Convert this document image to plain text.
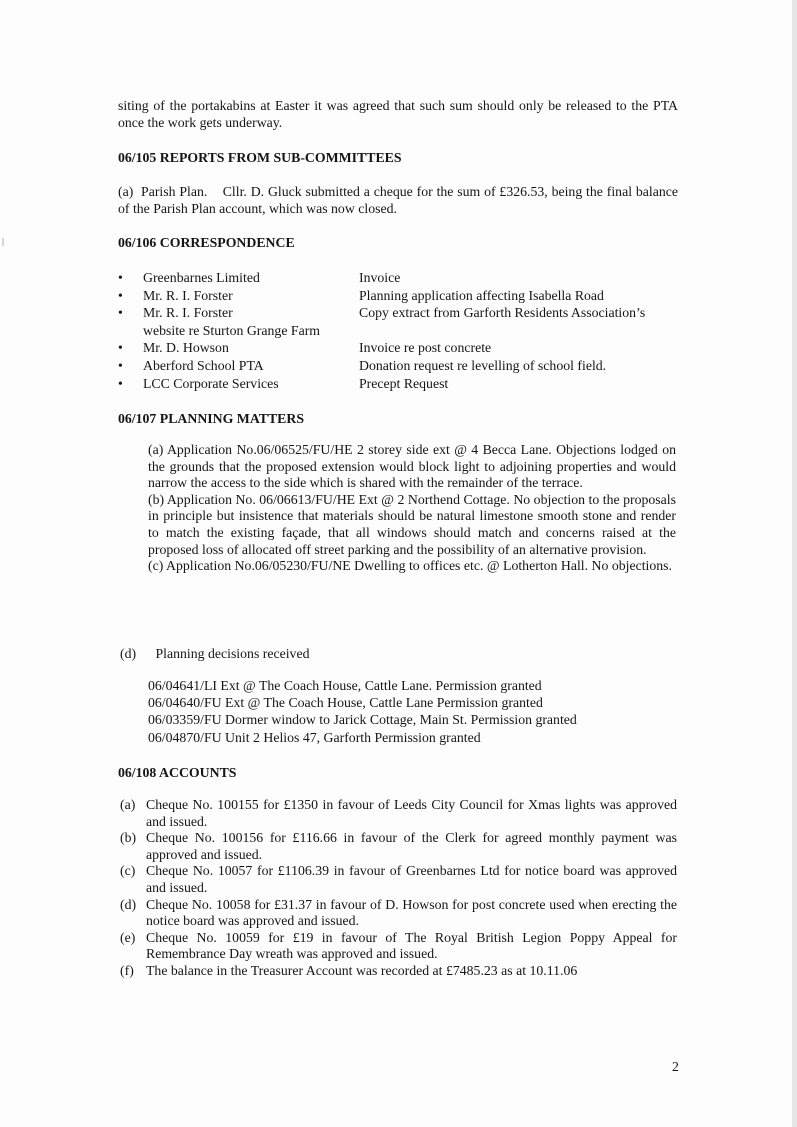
siting of the portakabins at Easter it was agreed that such sum should only be released to the PTA once the work gets underway.
06/105 REPORTS FROM SUB-COMMITTEES
(a) Parish Plan. Cllr. D. Gluck submitted a cheque for the sum of £326.53, being the final balance of the Parish Plan account, which was now closed.
06/106 CORRESPONDENCE
• Greenbarnes Limited	Invoice
• Mr. R. I. Forster	Planning application affecting Isabella Road
• Mr. R. I. Forster	Copy extract from Garforth Residents Association’s
website re Sturton Grange Farm
• Mr. D. Howson	Invoice re post concrete
• Aberford School PTA	Donation request re levelling of school field.
• LCC Corporate Services	Precept Request
06/107 PLANNING MATTERS

(a) Application No.06/06525/FU/HE 2 storey side ext @ 4 Becca Lane. Objections lodged on the grounds that the proposed extension would block light to adjoining properties and would narrow the access to the side which is shared with the remainder of the terrace.

(b) Application No. 06/06613/FU/HE Ext @ 2 Northend Cottage. No objection to the proposals in principle but insistence that materials should be natural limestone smooth stone and render to match the existing façade, that all windows should match and concerns raised at the proposed loss of allocated off street parking and the possibility of an alternative provision.

(c) Application No.06/05230/FU/NE Dwelling to offices etc. @ Lotherton Hall. No objections.

(d) Planning decisions received
06/04641/LI Ext @ The Coach House, Cattle Lane. Permission granted
06/04640/FU Ext @ The Coach House, Cattle Lane Permission granted
06/03359/FU Dormer window to Jarick Cottage, Main St. Permission granted
06/04870/FU Unit 2 Helios 47, Garforth Permission granted
06/108 ACCOUNTS
(a) Cheque No. 100155 for £1350 in favour of Leeds City Council for Xmas lights was approved and issued.
(b) Cheque No. 100156 for £116.66 in favour of the Clerk for agreed monthly payment was approved and issued.
(c) Cheque No. 10057 for £1106.39 in favour of Greenbarnes Ltd for notice board was approved and issued.
(d) Cheque No. 10058 for £31.37 in favour of D. Howson for post concrete used when erecting the notice board was approved and issued.
(e) Cheque No. 10059 for £19 in favour of The Royal British Legion Poppy Appeal for Remembrance Day wreath was approved and issued.
(f) The balance in the Treasurer Account was recorded at £7485.23 as at 10.11.06
2
